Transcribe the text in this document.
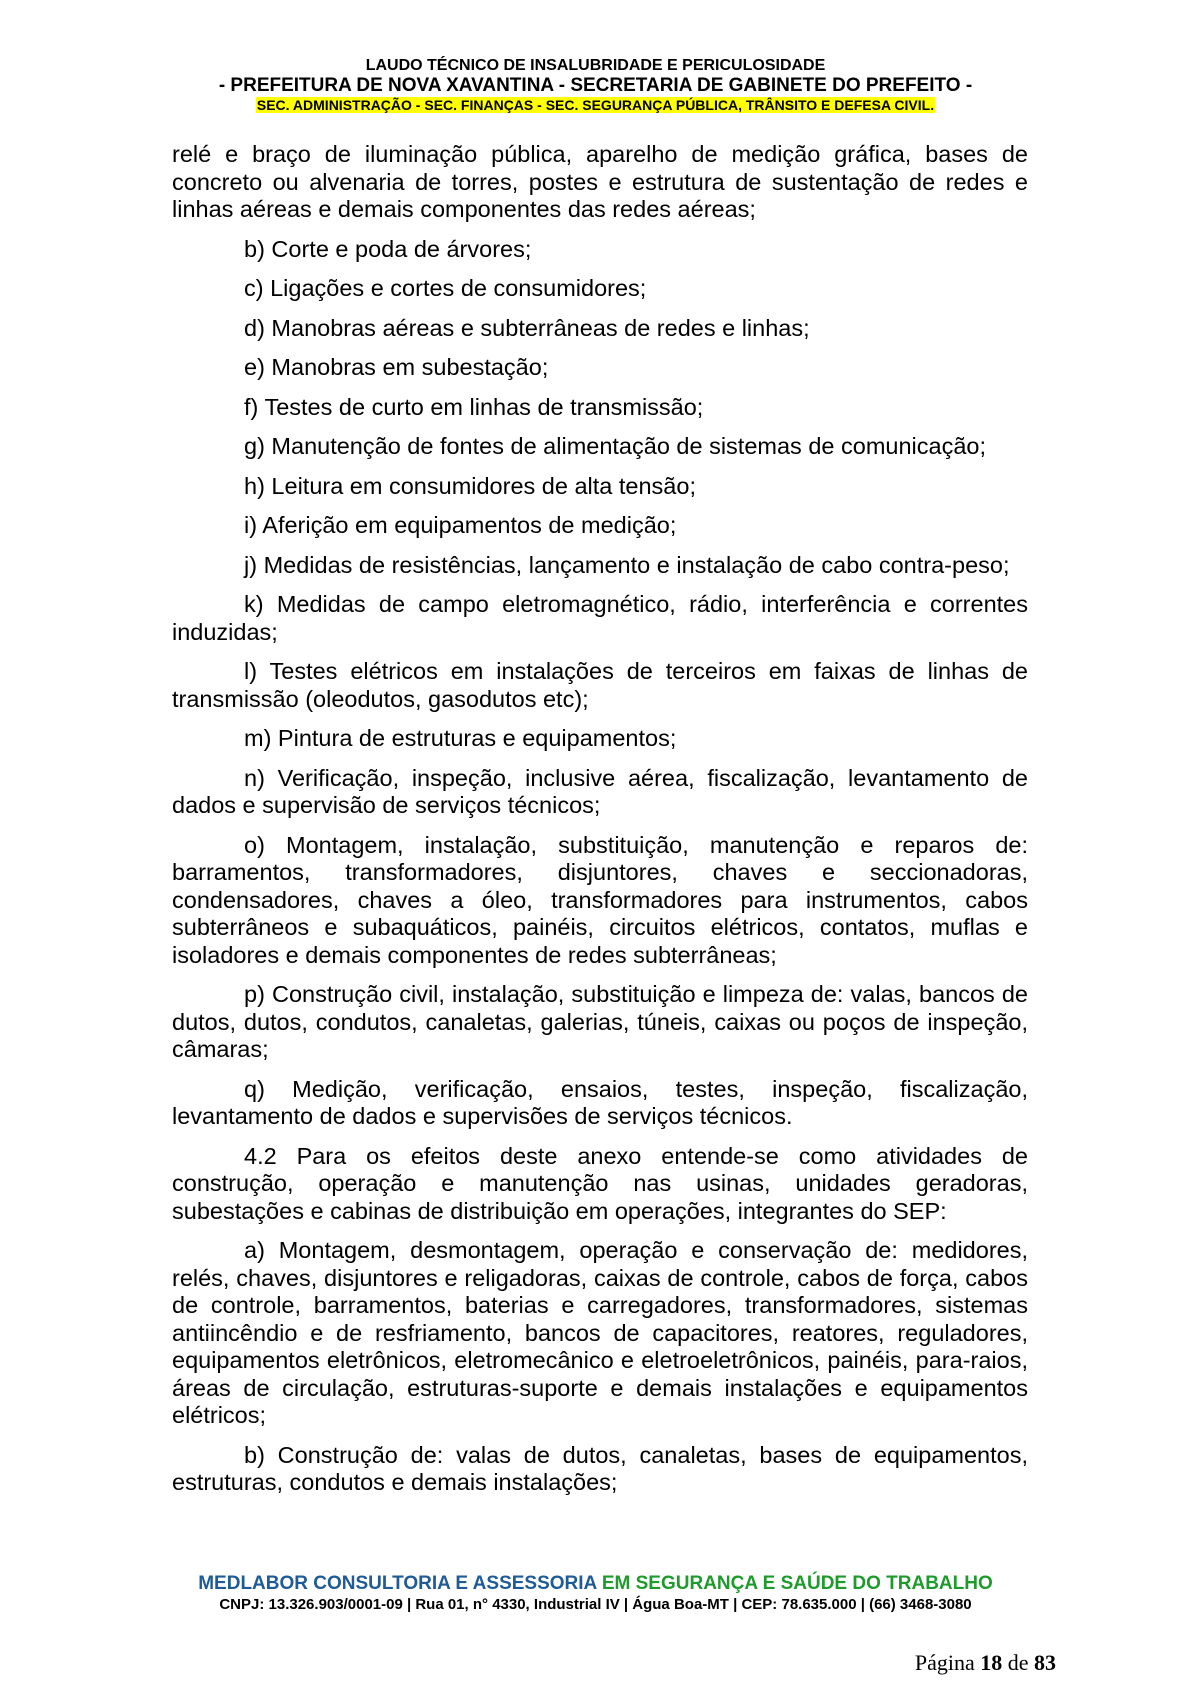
LAUDO TÉCNICO DE INSALUBRIDADE E PERICULOSIDADE
- PREFEITURA DE NOVA XAVANTINA - SECRETARIA DE GABINETE DO PREFEITO -
SEC. ADMINISTRAÇÃO - SEC. FINANÇAS - SEC. SEGURANÇA PÚBLICA, TRÂNSITO E DEFESA CIVIL.

relé e braço de iluminação pública, aparelho de medição gráfica, bases de concreto ou alvenaria de torres, postes e estrutura de sustentação de redes e linhas aéreas e demais componentes das redes aéreas;

b) Corte e poda de árvores;

c) Ligações e cortes de consumidores;

d) Manobras aéreas e subterrâneas de redes e linhas;

e) Manobras em subestação;

f) Testes de curto em linhas de transmissão;

g) Manutenção de fontes de alimentação de sistemas de comunicação;

h) Leitura em consumidores de alta tensão;

i) Aferição em equipamentos de medição;

j) Medidas de resistências, lançamento e instalação de cabo contra-peso;

k) Medidas de campo eletromagnético, rádio, interferência e correntes induzidas;

l) Testes elétricos em instalações de terceiros em faixas de linhas de transmissão (oleodutos, gasodutos etc);

m) Pintura de estruturas e equipamentos;

n) Verificação, inspeção, inclusive aérea, fiscalização, levantamento de dados e supervisão de serviços técnicos;

o) Montagem, instalação, substituição, manutenção e reparos de: barramentos, transformadores, disjuntores, chaves e seccionadoras, condensadores, chaves a óleo, transformadores para instrumentos, cabos subterrâneos e subaquáticos, painéis, circuitos elétricos, contatos, muflas e isoladores e demais componentes de redes subterrâneas;

p) Construção civil, instalação, substituição e limpeza de: valas, bancos de dutos, dutos, condutos, canaletas, galerias, túneis, caixas ou poços de inspeção, câmaras;

q) Medição, verificação, ensaios, testes, inspeção, fiscalização, levantamento de dados e supervisões de serviços técnicos.

4.2 Para os efeitos deste anexo entende-se como atividades de construção, operação e manutenção nas usinas, unidades geradoras, subestações e cabinas de distribuição em operações, integrantes do SEP:

a) Montagem, desmontagem, operação e conservação de: medidores, relés, chaves, disjuntores e religadoras, caixas de controle, cabos de força, cabos de controle, barramentos, baterias e carregadores, transformadores, sistemas antiincêndio e de resfriamento, bancos de capacitores, reatores, reguladores, equipamentos eletrônicos, eletromecânico e eletroeletrônicos, painéis, para-raios, áreas de circulação, estruturas-suporte e demais instalações e equipamentos elétricos;

b) Construção de: valas de dutos, canaletas, bases de equipamentos, estruturas, condutos e demais instalações;

MEDLABOR CONSULTORIA E ASSESSORIA EM SEGURANÇA E SAÚDE DO TRABALHO
CNPJ: 13.326.903/0001-09 | Rua 01, n° 4330, Industrial IV | Água Boa-MT | CEP: 78.635.000 | (66) 3468-3080
Página 18 de 83
